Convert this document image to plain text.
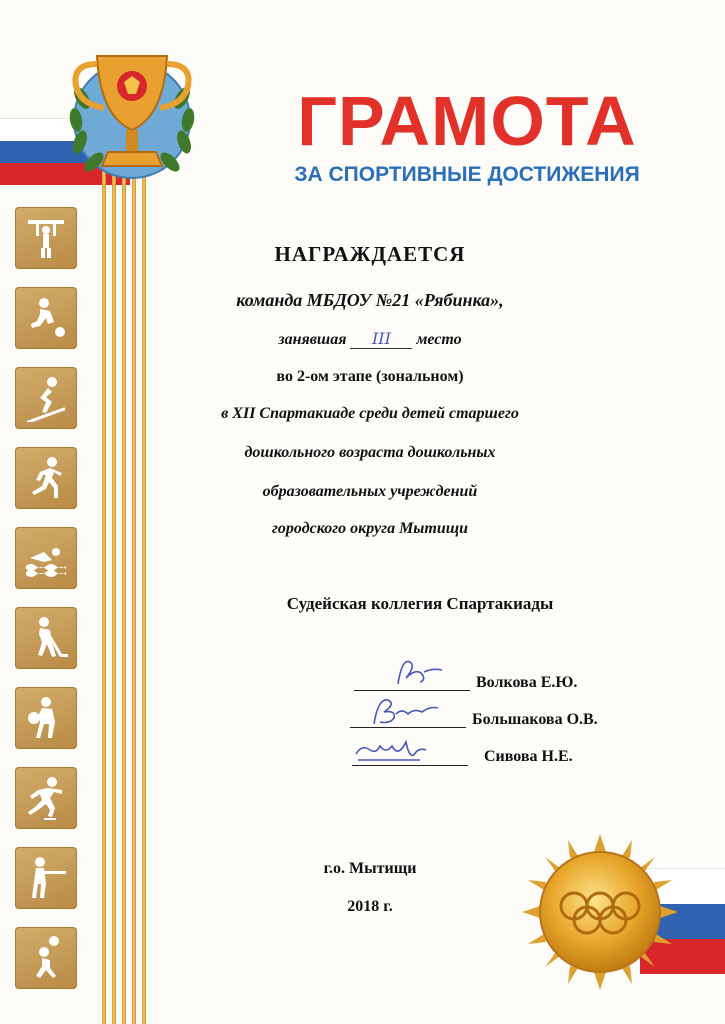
ГРАМОТА
ЗА СПОРТИВНЫЕ ДОСТИЖЕНИЯ
НАГРАЖДАЕТСЯ
команда МБДОУ №21 «Рябинка»,
занявшая III место
во 2-ом этапе (зональном)
в XII Спартакиаде среди детей старшего
дошкольного возраста дошкольных
образовательных учреждений
городского округа Мытищи
Судейская коллегия Спартакиады
Волкова Е.Ю.
Большакова О.В.
Сивова Н.Е.
г.о. Мытищи
2018 г.
